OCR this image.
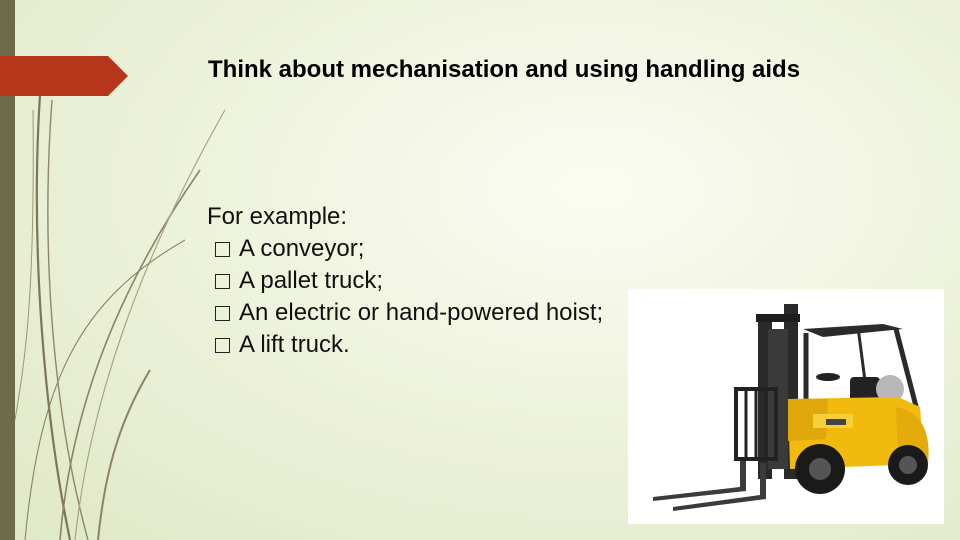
Think about mechanisation and using handling aids
For example:
A conveyor;
A pallet truck;
An electric or hand-powered hoist;
A lift truck.
